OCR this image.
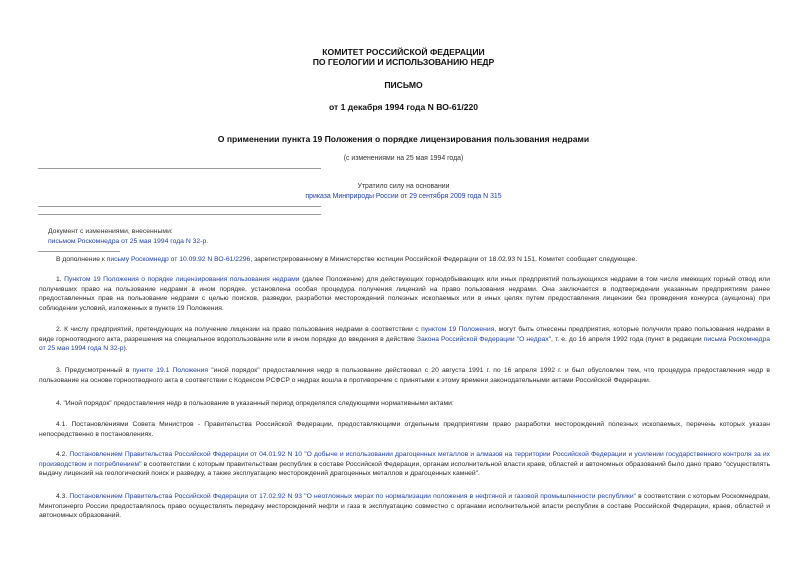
КОМИТЕТ РОССИЙСКОЙ ФЕДЕРАЦИИ
ПО ГЕОЛОГИИ И ИСПОЛЬЗОВАНИЮ НЕДР
ПИСЬМО
от 1 декабря 1994 года N ВО-61/220
О применении пункта 19 Положения о порядке лицензирования пользования недрами
(с изменениями на 25 мая 1994 года)
Утратило силу на основании
приказа Минприроды России от 29 сентября 2009 года N 315
Документ с изменениями, внесенными:
письмом Роскомнедра от 25 мая 1994 года N 32-р.
В дополнение к письму Роскомнедр от 10.09.92 N ВО-61/2296, зарегистрированному в Министерстве юстиции Российской Федерации от 18.02.93 N 151, Комитет сообщает следующее.
1. Пунктом 19 Положения о порядке лицензирования пользования недрами (далее Положение) для действующих горнодобывающих или иных предприятий пользующихся недрами в том числе имеющих горный отвод или получивших право на пользование недрами в ином порядке, установлена особая процедура получения лицензий на право пользования недрами. Она заключается в подтверждении указанным предприятиям ранее предоставленных прав на пользование недрами с целью поисков, разведки, разработки месторождений полезных ископаемых или в иных целях путем предоставления лицензии без проведения конкурса (аукциона) при соблюдении условий, изложенных в пункте 19 Положения.
2. К числу предприятий, претендующих на получение лицензии на право пользования недрами в соответствии с пунктом 19 Положения, могут быть отнесены предприятия, которые получили право пользования недрами в виде горноотводного акта, разрешения на специальное водопользование или в ином порядке до введения в действие Закона Российской Федерации "О недрах", т. е. до 16 апреля 1992 года (пункт в редакции письма Роскомнедра от 25 мая 1994 года N 32-р).
3. Предусмотренный в пункте 19.1 Положения "иной порядок" предоставления недр в пользование действовал с 20 августа 1991 г. по 16 апреля 1992 г. и был обусловлен тем, что процедура предоставления недр в пользование на основе горноотводного акта в соответствии с Кодексом РСФСР о недрах вошла в противоречие с принятыми к этому времени законодательными актами Российской Федерации.
4. "Иной порядок" предоставления недр в пользование в указанный период определялся следующими нормативными актами:
4.1. Постановлениями Совета Министров - Правительства Российской Федерации, предоставляющими отдельным предприятиям право разработки месторождений полезных ископаемых, перечень которых указан непосредственно в постановлениях.
4.2. Постановлением Правительства Российской Федерации от 04.01.92 N 10 "О добыче и использовании драгоценных металлов и алмазов на территории Российской Федерации и усилении государственного контроля за их производством и потреблением" в соответствии с которым правительствам республик в составе Российской Федерации, органам исполнительной власти краев, областей и автономных образований было дано право "осуществлять выдачу лицензий на геологический поиск и разведку, а также эксплуатацию месторождений драгоценных металлов и драгоценных камней".
4.3. Постановлением Правительства Российской Федерации от 17.02.92 N 93 "О неотложных мерах по нормализации положения в нефтяной и газовой промышленности республики" в соответствии с которым Роскомнедрам, Минтопэнерго России предоставлялось право осуществлять передачу месторождений нефти и газа в эксплуатацию совместно с органами исполнительной власти республик в составе Российской Федерации, краев, областей и автономных образований.
